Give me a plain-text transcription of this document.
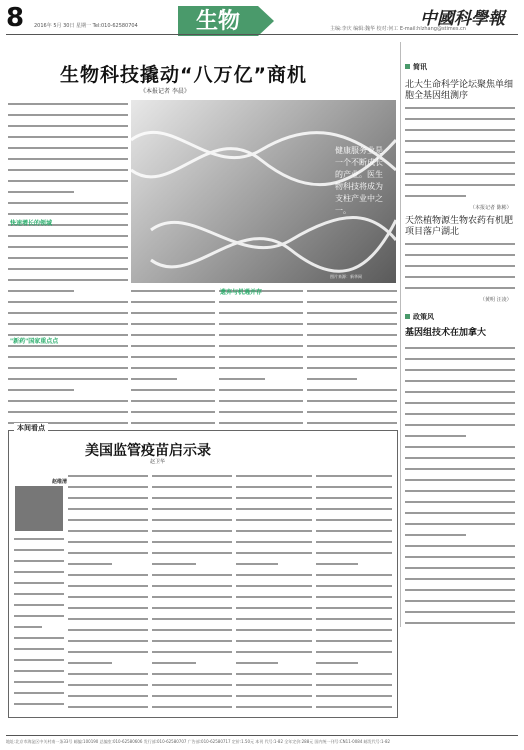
8 2016年 5月 30日 星期一 Tel:010-62580704	生物	中國科學報
主编:李庆 编辑:魏华 校对:何工 E-mail:hlzhang@stimes.cn
生物科技撬动“八万亿”商机
《本报记者 李晨》
快速增长的领域
"新药"国家重点点
健康服务业是一个不断成长的产业。医生物科技将成为支柱产业中之一。
图片来源：新华网
遗弃与机遇并存
简讯
北大生命科学论坛聚焦单细胞全基因组测序
（本报记者 陈彬）
天然植物源生物农药有机肥项目落户湖北
（黄明 汪凌）
政策风
基因组技术在加拿大
本间看点
美国监管疫苗启示录
赵卫华
赵维清
地址:北京市海淀区中关村南一条33号 邮编:100190 总编室:010-62580606 发行部:010-62580707 广告部:010-62580717 定价:1.50元 本刊 代号:1-82 全年定价:288元 国内统一刊号:CN11-0084 邮发代号:1-82
